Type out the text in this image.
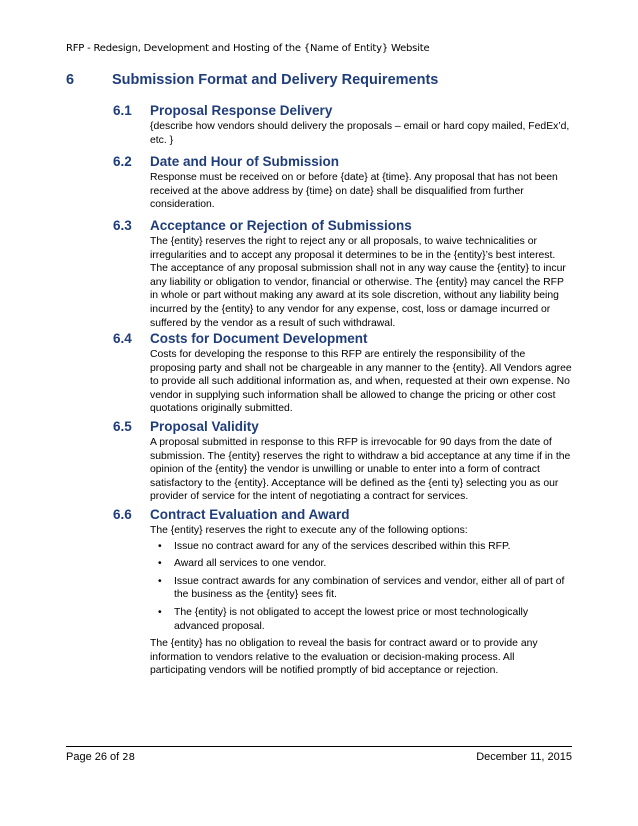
RFP - Redesign, Development and Hosting of the {Name of Entity} Website
6	Submission Format and Delivery Requirements
6.1 Proposal Response Delivery

{describe how vendors should delivery the proposals – email or hard copy mailed, FedEx’d, etc. }

6.2 Date and Hour of Submission

Response must be received on or before {date} at {time}. Any proposal that has not been received at the above address by {time} on date} shall be disqualified from further consideration.

6.3 Acceptance or Rejection of Submissions

The {entity} reserves the right to reject any or all proposals, to waive technicalities or irregularities and to accept any proposal it determines to be in the {entity}’s best interest. The acceptance of any proposal submission shall not in any way cause the {entity} to incur any liability or obligation to vendor, financial or otherwise. The {entity} may cancel the RFP in whole or part without making any award at its sole discretion, without any liability being incurred by the {entity} to any vendor for any expense, cost, loss or damage incurred or suffered by the vendor as a result of such withdrawal.

6.4 Costs for Document Development

Costs for developing the response to this RFP are entirely the responsibility of the proposing party and shall not be chargeable in any manner to the {entity}. All Vendors agree to provide all such additional information as, and when, requested at their own expense. No vendor in supplying such information shall be allowed to change the pricing or other cost quotations originally submitted.

6.5 Proposal Validity

A proposal submitted in response to this RFP is irrevocable for 90 days from the date of submission. The {entity} reserves the right to withdraw a bid acceptance at any time if in the opinion of the {entity} the vendor is unwilling or unable to enter into a form of contract satisfactory to the {entity}. Acceptance will be defined as the {enti ty} selecting you as our provider of service for the intent of negotiating a contract for services.

6.6 Contract Evaluation and Award

The {entity} reserves the right to execute any of the following options:

• Issue no contract award for any of the services described within this RFP.
• Award all services to one vendor.
• Issue contract awards for any combination of services and vendor, either all of part of the business as the {entity} sees fit.
• The {entity} is not obligated to accept the lowest price or most technologically advanced proposal.

The {entity} has no obligation to reveal the basis for contract award or to provide any information to vendors relative to the evaluation or decision-making process. All participating vendors will be notified promptly of bid acceptance or rejection.

Page 26 of 28	December 11, 2015
